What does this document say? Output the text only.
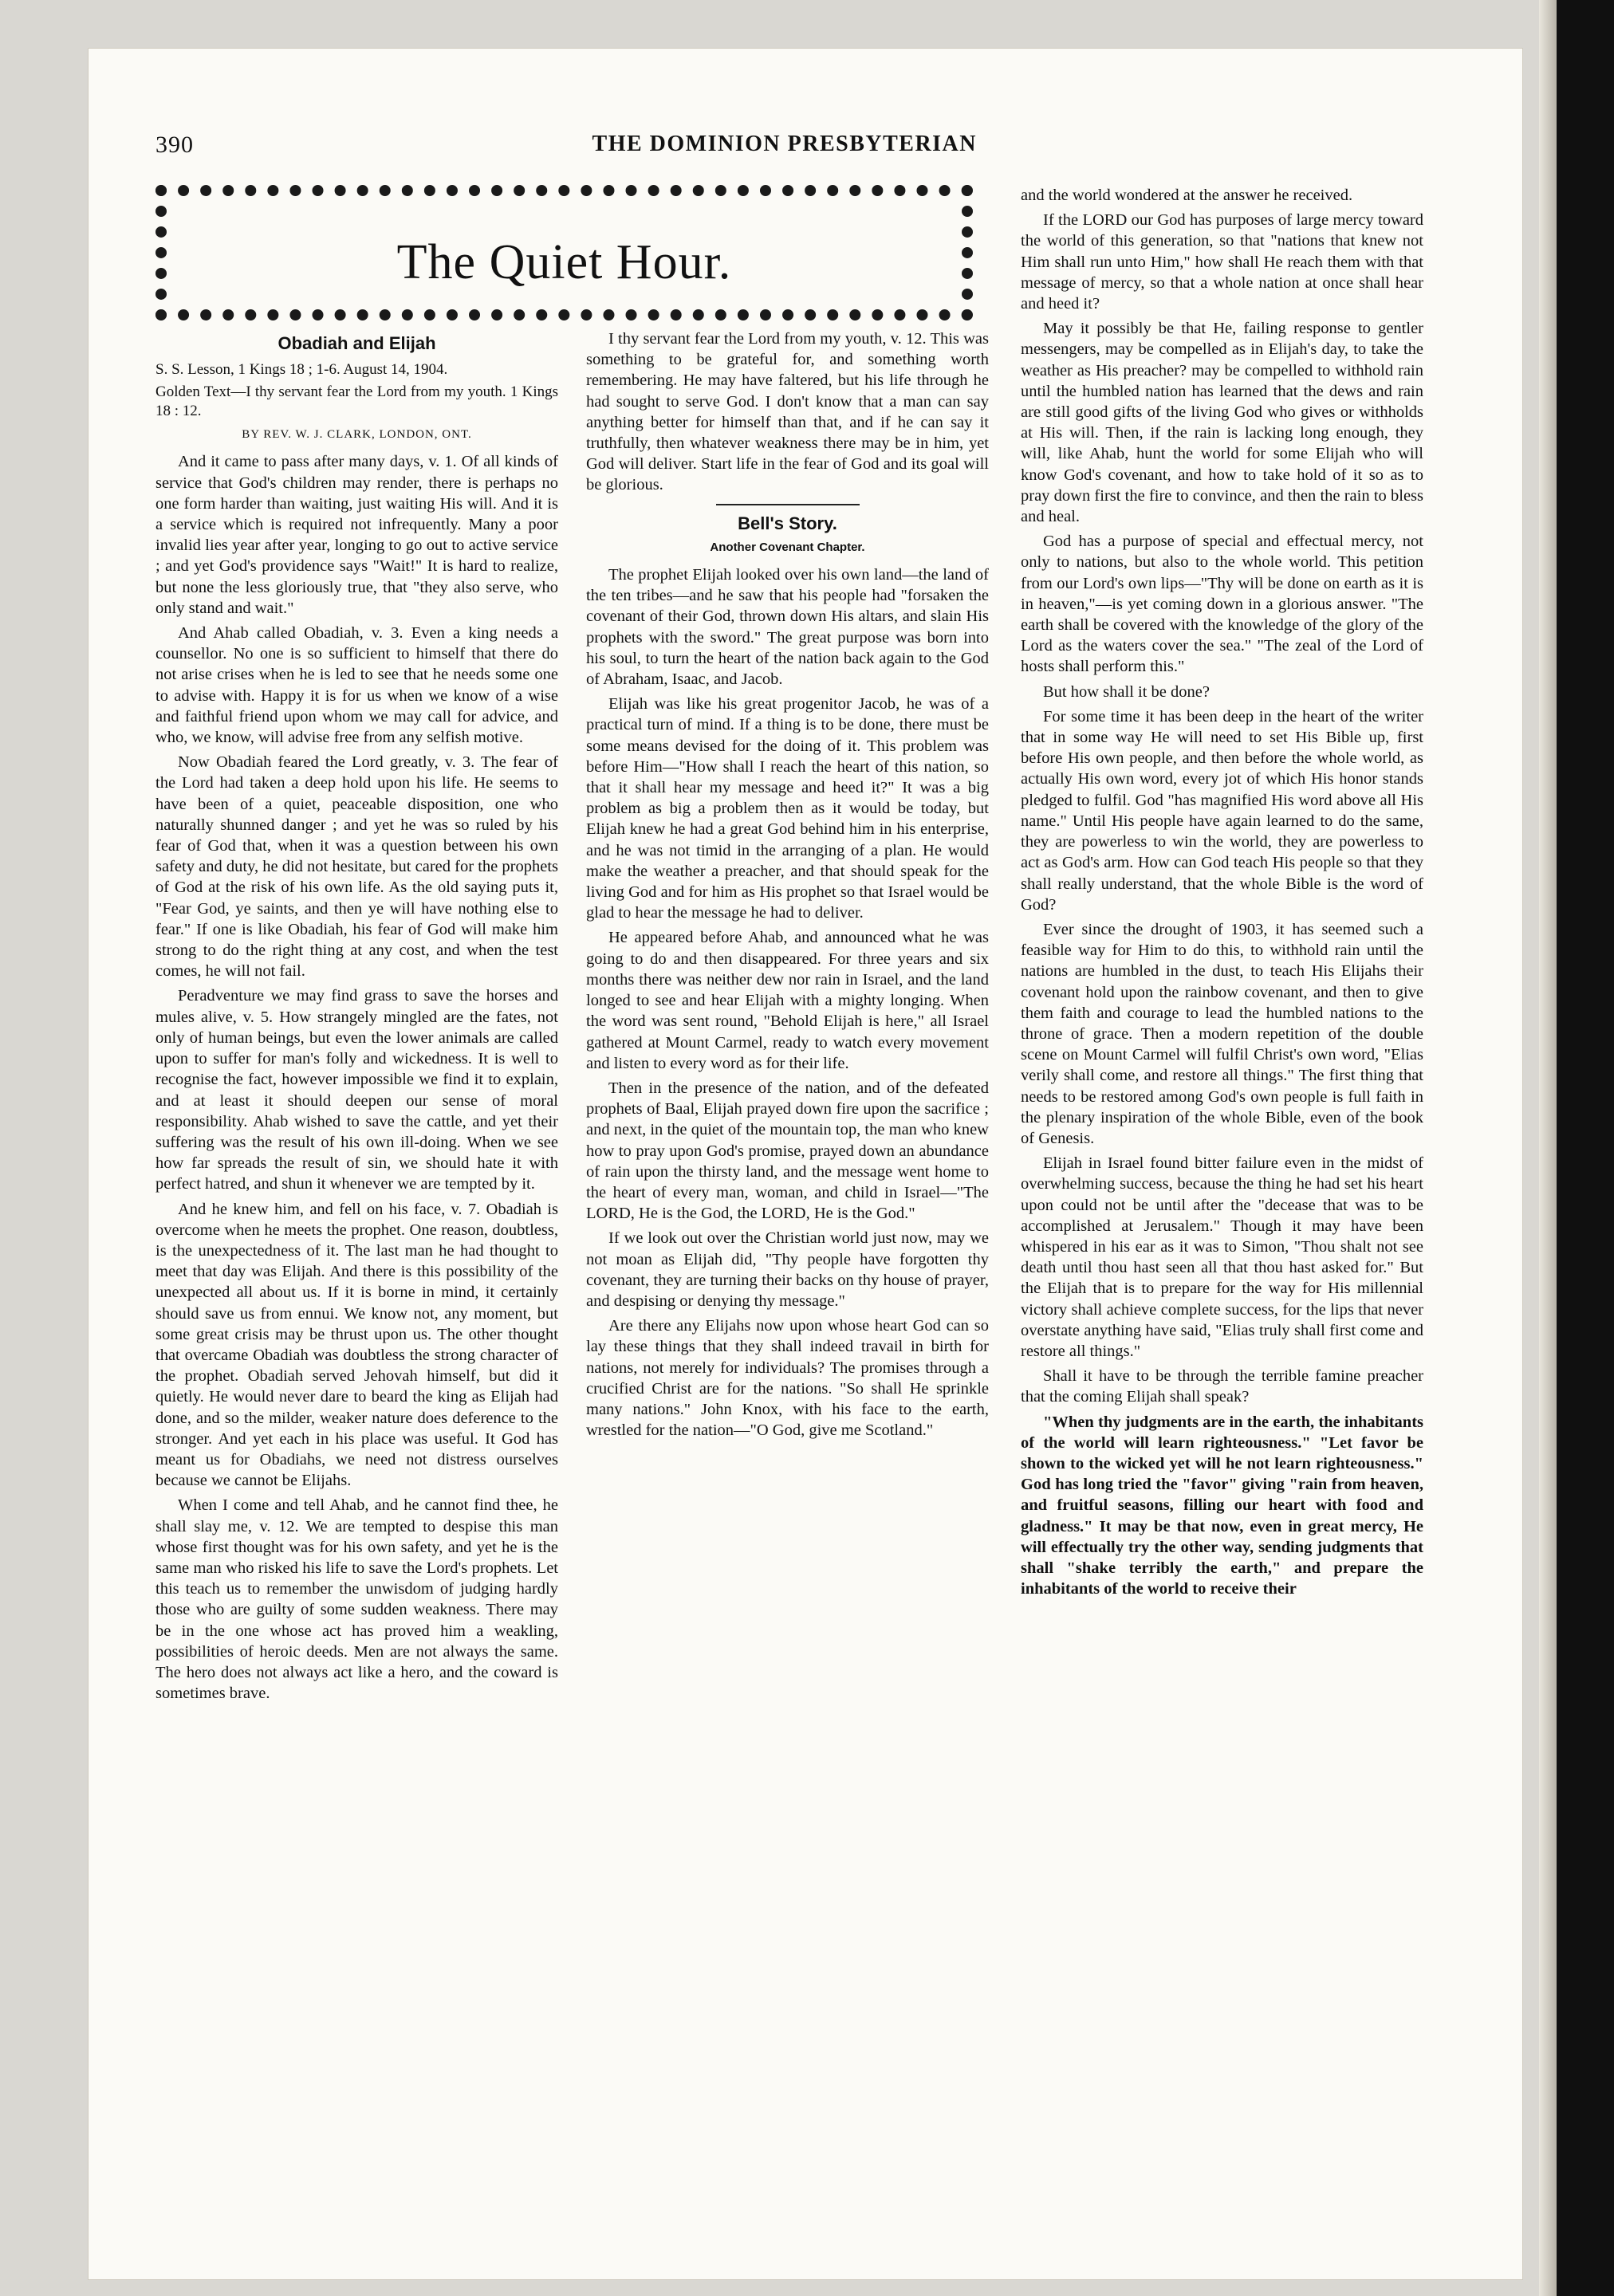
390	THE DOMINION PRESBYTERIAN
The Quiet Hour.
Obadiah and Elijah

S. S. Lesson, 1 Kings 18 ; 1-6. August 14, 1904.

Golden Text—I thy servant fear the Lord from my youth. 1 Kings 18 : 12.

BY REV. W. J. CLARK, LONDON, ONT.

And it came to pass after many days, v. 1. Of all kinds of service that God's children may render, there is perhaps no one form harder than waiting, just waiting His will. And it is a service which is required not infrequently. Many a poor invalid lies year after year, longing to go out to active service ; and yet God's providence says "Wait!" It is hard to realize, but none the less gloriously true, that "they also serve, who only stand and wait."

And Ahab called Obadiah, v. 3. Even a king needs a counsellor. No one is so sufficient to himself that there do not arise crises when he is led to see that he needs some one to advise with. Happy it is for us when we know of a wise and faithful friend upon whom we may call for advice, and who, we know, will advise free from any selfish motive.

Now Obadiah feared the Lord greatly, v. 3. The fear of the Lord had taken a deep hold upon his life. He seems to have been of a quiet, peaceable disposition, one who naturally shunned danger ; and yet he was so ruled by his fear of God that, when it was a question between his own safety and duty, he did not hesitate, but cared for the prophets of God at the risk of his own life. As the old saying puts it, "Fear God, ye saints, and then ye will have nothing else to fear." If one is like Obadiah, his fear of God will make him strong to do the right thing at any cost, and when the test comes, he will not fail.

Peradventure we may find grass to save the horses and mules alive, v. 5. How strangely mingled are the fates, not only of human beings, but even the lower animals are called upon to suffer for man's folly and wickedness. It is well to recognise the fact, however impossible we find it to explain, and at least it should deepen our sense of moral responsibility. Ahab wished to save the cattle, and yet their suffering was the result of his own ill-doing. When we see how far spreads the result of sin, we should hate it with perfect hatred, and shun it whenever we are tempted by it.

And he knew him, and fell on his face, v. 7. Obadiah is overcome when he meets the prophet. One reason, doubtless, is the unexpectedness of it. The last man he had thought to meet that day was Elijah. And there is this possibility of the unexpected all about us. If it is borne in mind, it certainly should save us from ennui. We know not, any moment, but some great crisis may be thrust upon us. The other thought that overcame Obadiah was doubtless the strong character of the prophet. Obadiah served Jehovah himself, but did it quietly. He would never dare to beard the king as Elijah had done, and so the milder, weaker nature does deference to the stronger. And yet each in his place was useful. It God has meant us for Obadiahs, we need not distress ourselves because we cannot be Elijahs.

When I come and tell Ahab, and he cannot find thee, he shall slay me, v. 12. We are tempted to despise this man whose first thought was for his own safety, and yet he is the same man who risked his life to save the Lord's prophets. Let this teach us to remember the unwisdom of judging hardly those who are guilty of some sudden weakness. There may be in the one whose act has proved him a weakling, possibilities of heroic deeds. Men are not always the same. The hero does not always act like a hero, and the coward is sometimes brave.

I thy servant fear the Lord from my youth, v. 12. This was something to be grateful for, and something worth remembering. He may have faltered, but his life through he had sought to serve God. I don't know that a man can say anything better for himself than that, and if he can say it truthfully, then whatever weakness there may be in him, yet God will deliver. Start life in the fear of God and its goal will be glorious.

Bell's Story.
Another Covenant Chapter.

The prophet Elijah looked over his own land—the land of the ten tribes—and he saw that his people had "forsaken the covenant of their God, thrown down His altars, and slain His prophets with the sword." The great purpose was born into his soul, to turn the heart of the nation back again to the God of Abraham, Isaac, and Jacob.

Elijah was like his great progenitor Jacob, he was of a practical turn of mind. If a thing is to be done, there must be some means devised for the doing of it. This problem was before Him—"How shall I reach the heart of this nation, so that it shall hear my message and heed it?" It was a big problem as big a problem then as it would be today, but Elijah knew he had a great God behind him in his enterprise, and he was not timid in the arranging of a plan. He would make the weather a preacher, and that should speak for the living God and for him as His prophet so that Israel would be glad to hear the message he had to deliver.

He appeared before Ahab, and announced what he was going to do and then disappeared. For three years and six months there was neither dew nor rain in Israel, and the land longed to see and hear Elijah with a mighty longing. When the word was sent round, "Behold Elijah is here," all Israel gathered at Mount Carmel, ready to watch every movement and listen to every word as for their life.

Then in the presence of the nation, and of the defeated prophets of Baal, Elijah prayed down fire upon the sacrifice ; and next, in the quiet of the mountain top, the man who knew how to pray upon God's promise, prayed down an abundance of rain upon the thirsty land, and the message went home to the heart of every man, woman, and child in Israel—"The LORD, He is the God, the LORD, He is the God."

If we look out over the Christian world just now, may we not moan as Elijah did, "Thy people have forgotten thy covenant, they are turning their backs on thy house of prayer, and despising or denying thy message."

Are there any Elijahs now upon whose heart God can so lay these things that they shall indeed travail in birth for nations, not merely for individuals? The promises through a crucified Christ are for the nations. "So shall He sprinkle many nations." John Knox, with his face to the earth, wrestled for the nation—"O God, give me Scotland."

and the world wondered at the answer he received.

If the LORD our God has purposes of large mercy toward the world of this generation, so that "nations that knew not Him shall run unto Him," how shall He reach them with that message of mercy, so that a whole nation at once shall hear and heed it?

May it possibly be that He, failing response to gentler messengers, may be compelled as in Elijah's day, to take the weather as His preacher? may be compelled to withhold rain until the humbled nation has learned that the dews and rain are still good gifts of the living God who gives or withholds at His will. Then, if the rain is lacking long enough, they will, like Ahab, hunt the world for some Elijah who will know God's covenant, and how to take hold of it so as to pray down first the fire to convince, and then the rain to bless and heal.

God has a purpose of special and effectual mercy, not only to nations, but also to the whole world. This petition from our Lord's own lips—"Thy will be done on earth as it is in heaven,"—is yet coming down in a glorious answer. "The earth shall be covered with the knowledge of the glory of the Lord as the waters cover the sea." "The zeal of the Lord of hosts shall perform this."

But how shall it be done?

For some time it has been deep in the heart of the writer that in some way He will need to set His Bible up, first before His own people, and then before the whole world, as actually His own word, every jot of which His honor stands pledged to fulfil. God "has magnified His word above all His name." Until His people have again learned to do the same, they are powerless to win the world, they are powerless to act as God's arm. How can God teach His people so that they shall really understand, that the whole Bible is the word of God?

Ever since the drought of 1903, it has seemed such a feasible way for Him to do this, to withhold rain until the nations are humbled in the dust, to teach His Elijahs their covenant hold upon the rainbow covenant, and then to give them faith and courage to lead the humbled nations to the throne of grace. Then a modern repetition of the double scene on Mount Carmel will fulfil Christ's own word, "Elias verily shall come, and restore all things." The first thing that needs to be restored among God's own people is full faith in the plenary inspiration of the whole Bible, even of the book of Genesis.

Elijah in Israel found bitter failure even in the midst of overwhelming success, because the thing he had set his heart upon could not be until after the "decease that was to be accomplished at Jerusalem." Though it may have been whispered in his ear as it was to Simon, "Thou shalt not see death until thou hast seen all that thou hast asked for." But the Elijah that is to prepare for the way for His millennial victory shall achieve complete success, for the lips that never overstate anything have said, "Elias truly shall first come and restore all things."

Shall it have to be through the terrible famine preacher that the coming Elijah shall speak?

"When thy judgments are in the earth, the inhabitants of the world will learn righteousness." "Let favor be shown to the wicked yet will he not learn righteousness." God has long tried the "favor" giving "rain from heaven, and fruitful seasons, filling our heart with food and gladness." It may be that now, even in great mercy, He will effectually try the other way, sending judgments that shall "shake terribly the earth," and prepare the inhabitants of the world to receive their
